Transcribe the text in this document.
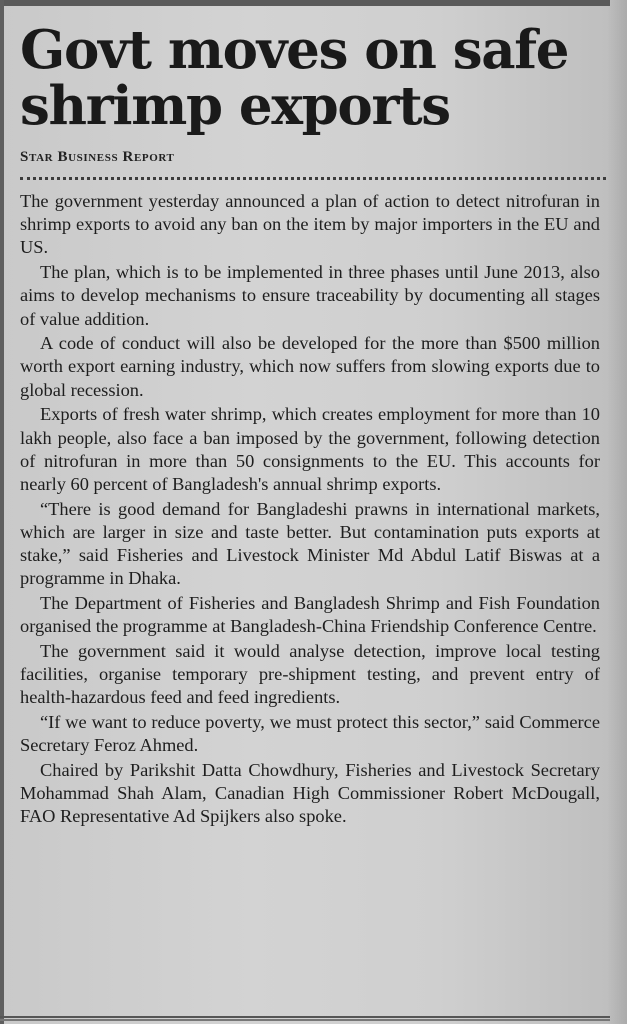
Govt moves on safe shrimp exports
Star Business Report

The government yesterday announced a plan of action to detect nitrofuran in shrimp exports to avoid any ban on the item by major importers in the EU and US.

The plan, which is to be implemented in three phases until June 2013, also aims to develop mechanisms to ensure traceability by documenting all stages of value addition.

A code of conduct will also be developed for the more than $500 million worth export earning industry, which now suffers from slowing exports due to global recession.

Exports of fresh water shrimp, which creates employment for more than 10 lakh people, also face a ban imposed by the government, following detection of nitrofuran in more than 50 consignments to the EU. This accounts for nearly 60 percent of Bangladesh's annual shrimp exports.

“There is good demand for Bangladeshi prawns in international markets, which are larger in size and taste better. But contamination puts exports at stake,” said Fisheries and Livestock Minister Md Abdul Latif Biswas at a programme in Dhaka.

The Department of Fisheries and Bangladesh Shrimp and Fish Foundation organised the programme at Bangladesh-China Friendship Conference Centre.

The government said it would analyse detection, improve local testing facilities, organise temporary pre-shipment testing, and prevent entry of health-hazardous feed and feed ingredients.

“If we want to reduce poverty, we must protect this sector,” said Commerce Secretary Feroz Ahmed.

Chaired by Parikshit Datta Chowdhury, Fisheries and Livestock Secretary Mohammad Shah Alam, Canadian High Commissioner Robert McDougall, FAO Representative Ad Spijkers also spoke.
